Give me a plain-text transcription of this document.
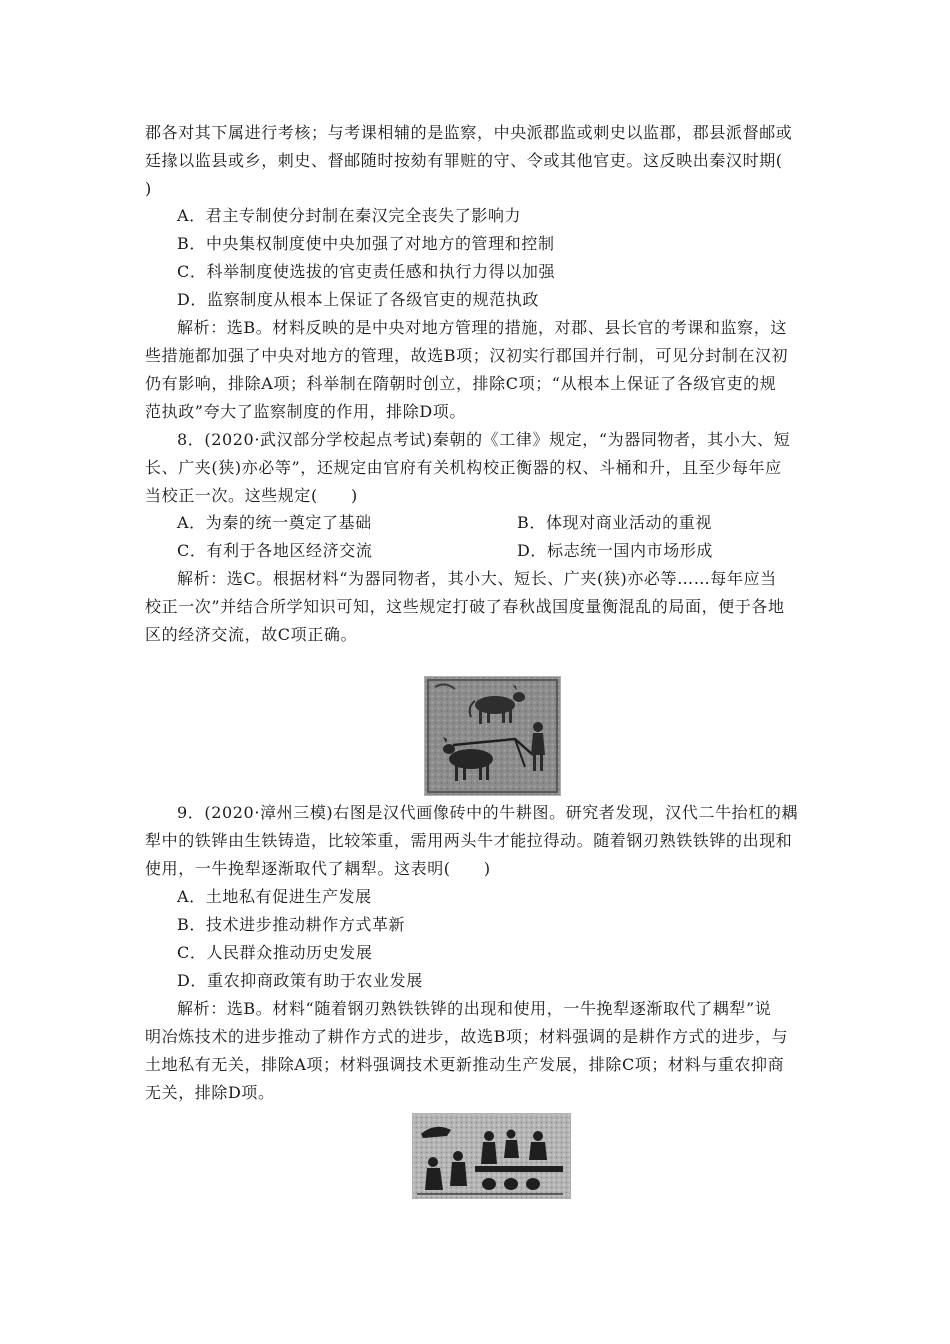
郡各对其下属进行考核；与考课相辅的是监察，中央派郡监或刺史以监郡，郡县派督邮或
廷掾以监县或乡，刺史、督邮随时按劾有罪赃的守、令或其他官吏。这反映出秦汉时期(
)
A．君主专制使分封制在秦汉完全丧失了影响力
B．中央集权制度使中央加强了对地方的管理和控制
C．科举制度使选拔的官吏责任感和执行力得以加强
D．监察制度从根本上保证了各级官吏的规范执政
解析：选B。材料反映的是中央对地方管理的措施，对郡、县长官的考课和监察，这
些措施都加强了中央对地方的管理，故选B项；汉初实行郡国并行制，可见分封制在汉初
仍有影响，排除A项；科举制在隋朝时创立，排除C项；“从根本上保证了各级官吏的规
范执政”夸大了监察制度的作用，排除D项。
8．(2020·武汉部分学校起点考试)秦朝的《工律》规定，“为器同物者，其小大、短
长、广夹(狭)亦必等”，还规定由官府有关机构校正衡器的权、斗桶和升，且至少每年应
当校正一次。这些规定(　　)
A．为秦的统一奠定了基础	B．体现对商业活动的重视
C．有利于各地区经济交流	D．标志统一国内市场形成
解析：选C。根据材料“为器同物者，其小大、短长、广夹(狭)亦必等……每年应当
校正一次”并结合所学知识可知，这些规定打破了春秋战国度量衡混乱的局面，便于各地
区的经济交流，故C项正确。
9．(2020·漳州三模)右图是汉代画像砖中的牛耕图。研究者发现，汉代二牛抬杠的耦
犁中的铁铧由生铁铸造，比较笨重，需用两头牛才能拉得动。随着钢刃熟铁铁铧的出现和
使用，一牛挽犁逐渐取代了耦犁。这表明(　　)
A．土地私有促进生产发展
B．技术进步推动耕作方式革新
C．人民群众推动历史发展
D．重农抑商政策有助于农业发展
解析：选B。材料“随着钢刃熟铁铁铧的出现和使用，一牛挽犁逐渐取代了耦犁”说
明冶炼技术的进步推动了耕作方式的进步，故选B项；材料强调的是耕作方式的进步，与
土地私有无关，排除A项；材料强调技术更新推动生产发展，排除C项；材料与重农抑商
无关，排除D项。
